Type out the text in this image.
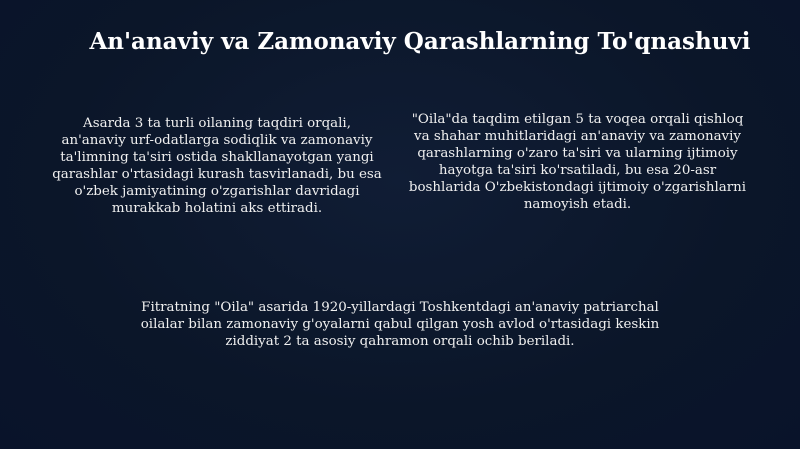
An'anaviy va Zamonaviy Qarashlarning To'qnashuvi
Asarda 3 ta turli oilaning taqdiri orqali, an'anaviy urf-odatlarga sodiqlik va zamonaviy ta'limning ta'siri ostida shakllanayotgan yangi qarashlar o'rtasidagi kurash tasvirlanadi, bu esa o'zbek jamiyatining o'zgarishlar davridagi murakkab holatini aks ettiradi.
"Oila"da taqdim etilgan 5 ta voqea orqali qishloq va shahar muhitlaridagi an'anaviy va zamonaviy qarashlarning o'zaro ta'siri va ularning ijtimoiy hayotga ta'siri ko'rsatiladi, bu esa 20-asr boshlarida O'zbekistondagi ijtimoiy o'zgarishlarni namoyish etadi.
Fitratning "Oila" asarida 1920-yillardagi Toshkentdagi an'anaviy patriarchal oilalar bilan zamonaviy g'oyalarni qabul qilgan yosh avlod o'rtasidagi keskin ziddiyat 2 ta asosiy qahramon orqali ochib beriladi.
